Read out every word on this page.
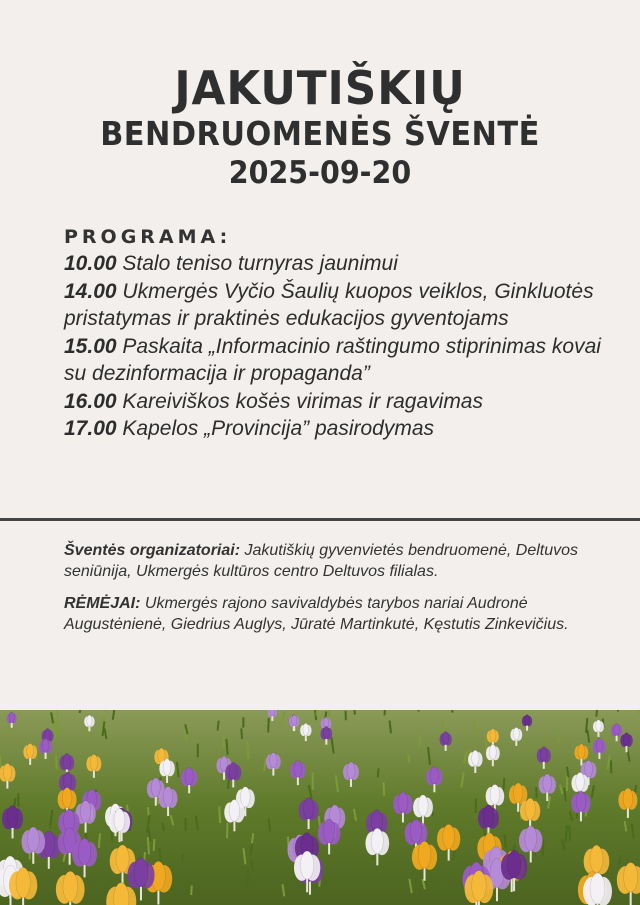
JAKUTIŠKIŲ
BENDRUOMENĖS ŠVENTĖ
2025-09-20
PROGRAMA:
10.00 Stalo teniso turnyras jaunimui
14.00 Ukmergės Vyčio Šaulių kuopos veiklos, Ginkluotės pristatymas ir praktinės edukacijos gyventojams
15.00 Paskaita „Informacinio raštingumo stiprinimas kovai su dezinformacija ir propaganda”
16.00 Kareiviškos košės virimas ir ragavimas
17.00 Kapelos „Provincija” pasirodymas
Šventės organizatoriai: Jakutiškių gyvenvietės bendruomenė, Deltuvos seniūnija, Ukmergės kultūros centro Deltuvos filialas.
RĖMĖJAI: Ukmergės rajono savivaldybės tarybos nariai Audronė Augustėnienė, Giedrius Auglys, Jūratė Martinkutė, Kęstutis Zinkevičius.
